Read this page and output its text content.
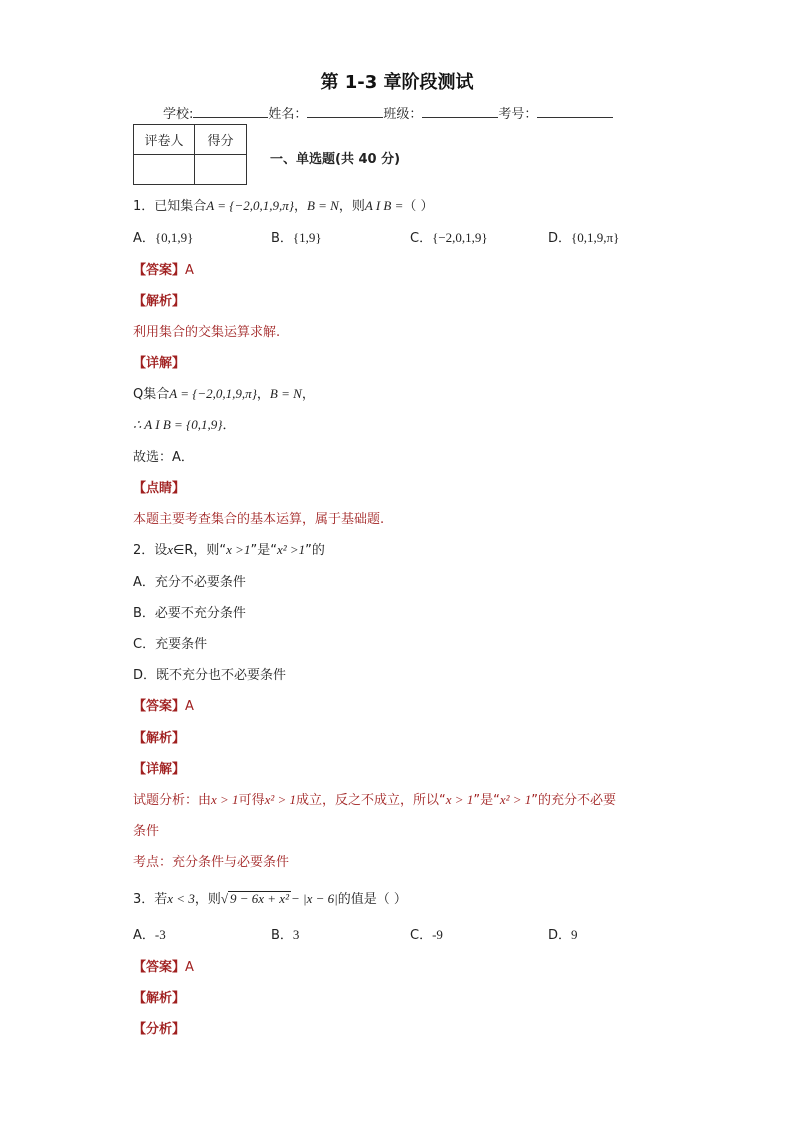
第 1-3 章阶段测试
学校:	姓名：	班级：	考号：
评卷人	得分

一、单选题(共 40 分)
1．已知集合A = {−2,0,1,9,π}，B = N，则A I B =（ ）
A．{0,1,9}	B．{1,9}	C．{−2,0,1,9}	D．{0,1,9,π}
【答案】A
【解析】
利用集合的交集运算求解.
【详解】
Q集合A = {−2,0,1,9,π}，B = N，
∴ A I B = {0,1,9}．
故选：A．
【点睛】
本题主要考查集合的基本运算，属于基础题.
2．设x∈R，则“x >1”是“x² >1”的
A．充分不必要条件
B．必要不充分条件
C．充要条件
D．既不充分也不必要条件
【答案】A
【解析】
【详解】
试题分析：由x > 1可得x² > 1成立，反之不成立，所以“x > 1”是“x² > 1”的充分不必要
条件
考点：充分条件与必要条件
3．若x < 3，则√ 9 − 6x + x² − |x − 6|的值是（ ）
A．-3	B．3	C．-9	D．9
【答案】A
【解析】
【分析】
